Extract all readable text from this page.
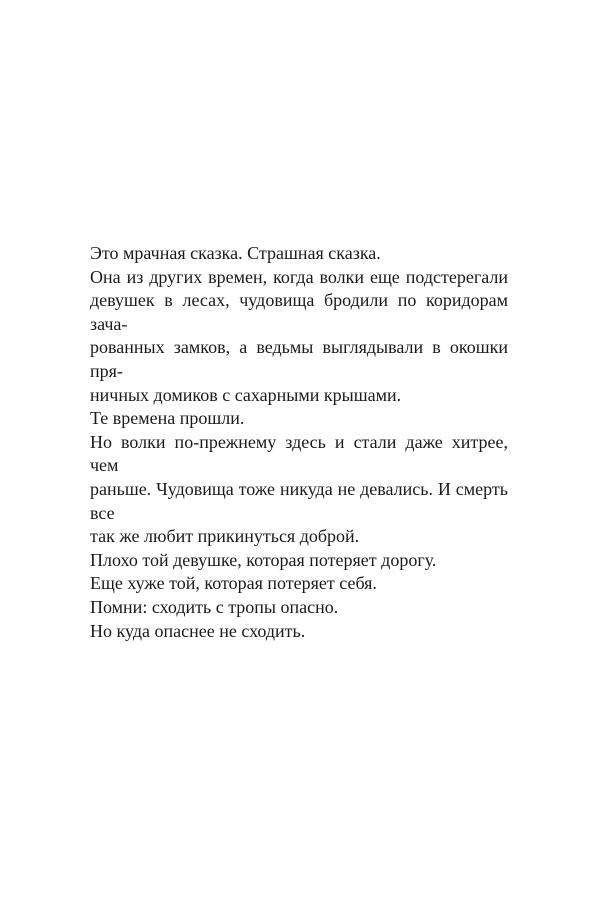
Это мрачная сказка. Страшная сказка.

Она из других времен, когда волки еще подстерегали
девушек в лесах, чудовища бродили по коридорам зача-
рованных замков, а ведьмы выглядывали в окошки пря-
ничных домиков с сахарными крышами.

Те времена прошли.

Но волки по-прежнему здесь и стали даже хитрее, чем
раньше. Чудовища тоже никуда не девались. И смерть все
так же любит прикинуться доброй.

Плохо той девушке, которая потеряет дорогу.

Еще хуже той, которая потеряет себя.

Помни: сходить с тропы опасно.

Но куда опаснее не сходить.
